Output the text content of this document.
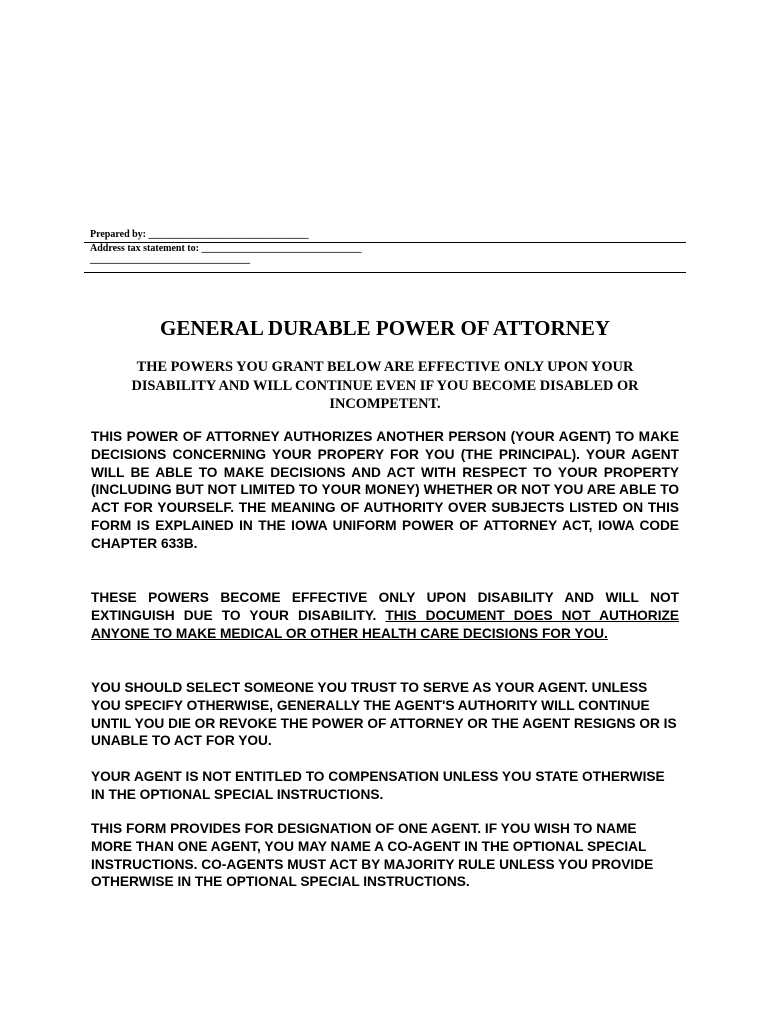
Prepared by: ________________________________
Address tax statement to: ________________________________
________________________________
GENERAL DURABLE POWER OF ATTORNEY
THE POWERS YOU GRANT BELOW ARE EFFECTIVE ONLY UPON YOUR DISABILITY AND WILL CONTINUE EVEN IF YOU BECOME DISABLED OR INCOMPETENT.
THIS POWER OF ATTORNEY AUTHORIZES ANOTHER PERSON (YOUR AGENT) TO MAKE DECISIONS CONCERNING YOUR PROPERY FOR YOU (THE PRINCIPAL). YOUR AGENT WILL BE ABLE TO MAKE DECISIONS AND ACT WITH RESPECT TO YOUR PROPERTY (INCLUDING BUT NOT LIMITED TO YOUR MONEY) WHETHER OR NOT YOU ARE ABLE TO ACT FOR YOURSELF. THE MEANING OF AUTHORITY OVER SUBJECTS LISTED ON THIS FORM IS EXPLAINED IN THE IOWA UNIFORM POWER OF ATTORNEY ACT, IOWA CODE CHAPTER 633B.
THESE POWERS BECOME EFFECTIVE ONLY UPON DISABILITY AND WILL NOT EXTINGUISH DUE TO YOUR DISABILITY. THIS DOCUMENT DOES NOT AUTHORIZE ANYONE TO MAKE MEDICAL OR OTHER HEALTH CARE DECISIONS FOR YOU.
YOU SHOULD SELECT SOMEONE YOU TRUST TO SERVE AS YOUR AGENT. UNLESS YOU SPECIFY OTHERWISE, GENERALLY THE AGENT'S AUTHORITY WILL CONTINUE UNTIL YOU DIE OR REVOKE THE POWER OF ATTORNEY OR THE AGENT RESIGNS OR IS UNABLE TO ACT FOR YOU.
YOUR AGENT IS NOT ENTITLED TO COMPENSATION UNLESS YOU STATE OTHERWISE IN THE OPTIONAL SPECIAL INSTRUCTIONS.
THIS FORM PROVIDES FOR DESIGNATION OF ONE AGENT. IF YOU WISH TO NAME MORE THAN ONE AGENT, YOU MAY NAME A CO-AGENT IN THE OPTIONAL SPECIAL INSTRUCTIONS. CO-AGENTS MUST ACT BY MAJORITY RULE UNLESS YOU PROVIDE OTHERWISE IN THE OPTIONAL SPECIAL INSTRUCTIONS.
